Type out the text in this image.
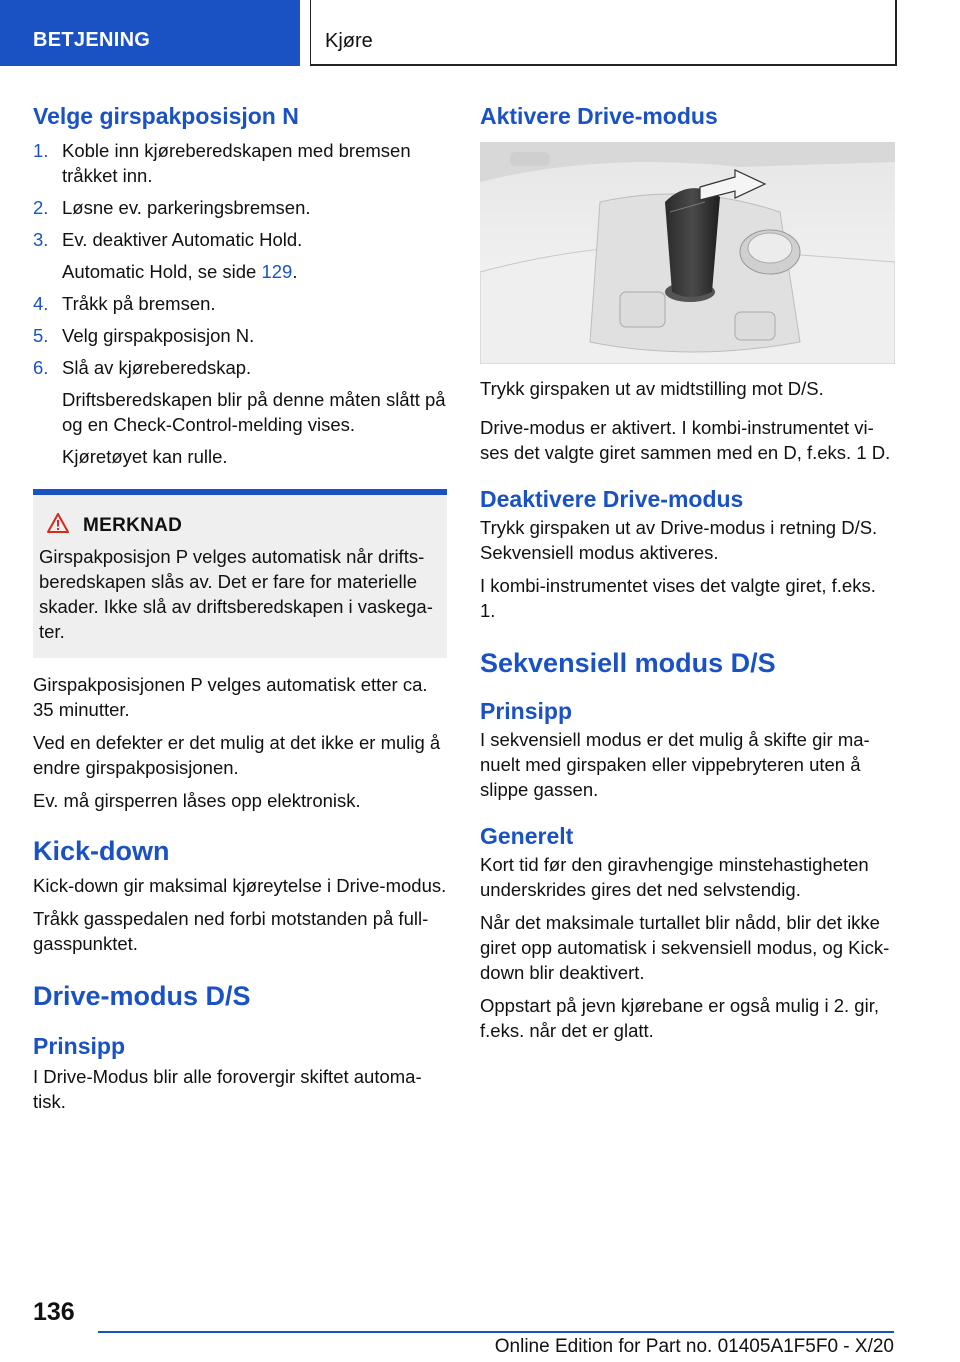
BETJENING	Kjøre
Velge girspakposisjon N
1. Koble inn kjøreberedskapen med bremsen tråkket inn.
2. Løsne ev. parkeringsbremsen.
3. Ev. deaktiver Automatic Hold.
Automatic Hold, se side 129.
4. Tråkk på bremsen.
5. Velg girspakposisjon N.
6. Slå av kjøreberedskap.
Driftsberedskapen blir på denne måten slått på og en Check-Control-melding vises.
Kjøretøyet kan rulle.
MERKNAD

Girspakposisjon P velges automatisk når driftsberedskapen slås av. Det er fare for materielle skader. Ikke slå av driftsberedskapen i vaskegater.

Girspakposisjonen P velges automatisk etter ca. 35 minutter.

Ved en defekter er det mulig at det ikke er mulig å endre girspakposisjonen.

Ev. må girsperren låses opp elektronisk.

Kick-down

Kick-down gir maksimal kjøreytelse i Drive-modus.

Tråkk gasspedalen ned forbi motstanden på fullgasspunktet.

Drive-modus D/S
Prinsipp

I Drive-Modus blir alle forovergir skiftet automatisk.

Aktivere Drive-modus

Trykk girspaken ut av midtstilling mot D/S.

Drive-modus er aktivert. I kombi-instrumentet vises det valgte giret sammen med en D, f.eks. 1 D.

Deaktivere Drive-modus

Trykk girspaken ut av Drive-modus i retning D/S. Sekvensiell modus aktiveres.

I kombi-instrumentet vises det valgte giret, f.eks. 1.

Sekvensiell modus D/S
Prinsipp

I sekvensiell modus er det mulig å skifte gir manuelt med girspaken eller vippebryteren uten å slippe gassen.

Generelt

Kort tid før den giravhengige minstehastigheten underskrides gires det ned selvstendig.

Når det maksimale turtallet blir nådd, blir det ikke giret opp automatisk i sekvensiell modus, og Kick-down blir deaktivert.

Oppstart på jevn kjørebane er også mulig i 2. gir, f.eks. når det er glatt.

136
Online Edition for Part no. 01405A1F5F0 - X/20
